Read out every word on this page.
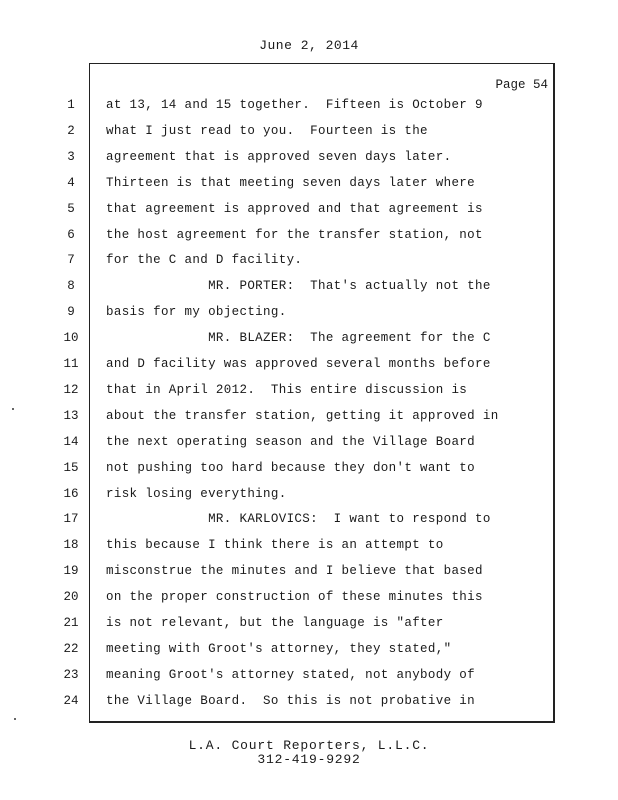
June 2, 2014
Page 54
1	at 13, 14 and 15 together.  Fifteen is October 9
2	what I just read to you.  Fourteen is the
3	agreement that is approved seven days later.
4	Thirteen is that meeting seven days later where
5	that agreement is approved and that agreement is
6	the host agreement for the transfer station, not
7	for the C and D facility.
8	MR. PORTER:  That's actually not the
9	basis for my objecting.
10	MR. BLAZER:  The agreement for the C
11	and D facility was approved several months before
12	that in April 2012.  This entire discussion is
13	about the transfer station, getting it approved in
14	the next operating season and the Village Board
15	not pushing too hard because they don't want to
16	risk losing everything.
17	MR. KARLOVICS:  I want to respond to
18	this because I think there is an attempt to
19	misconstrue the minutes and I believe that based
20	on the proper construction of these minutes this
21	is not relevant, but the language is "after
22	meeting with Groot's attorney, they stated,"
23	meaning Groot's attorney stated, not anybody of
24	the Village Board.  So this is not probative in
L.A. Court Reporters, L.L.C.
312-419-9292
